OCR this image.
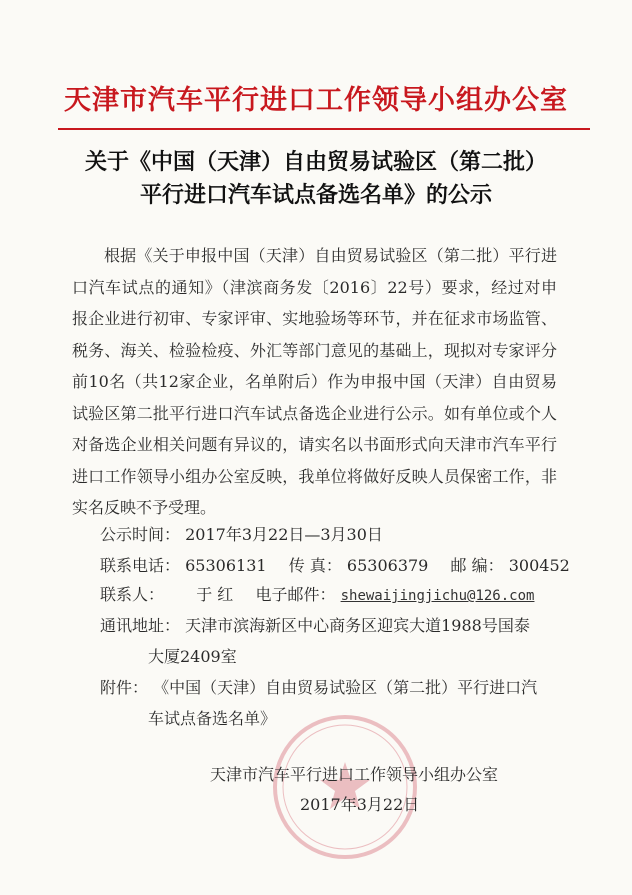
天津市汽车平行进口工作领导小组办公室
关于《中国（天津）自由贸易试验区（第二批）
平行进口汽车试点备选名单》的公示
根据《关于申报中国（天津）自由贸易试验区（第二批）平行进口汽车试点的通知》（津滨商务发〔2016〕22号）要求，经过对申报企业进行初审、专家评审、实地验场等环节，并在征求市场监管、税务、海关、检验检疫、外汇等部门意见的基础上，现拟对专家评分前10名（共12家企业，名单附后）作为申报中国（天津）自由贸易试验区第二批平行进口汽车试点备选企业进行公示。如有单位或个人对备选企业相关问题有异议的，请实名以书面形式向天津市汽车平行进口工作领导小组办公室反映，我单位将做好反映人员保密工作，非实名反映不予受理。
公示时间： 2017年3月22日—3月30日
联系电话： 65306131 传 真： 65306379 邮 编： 300452
联系人： 于 红 电子邮件： shewaijingjichu@126.com
通讯地址： 天津市滨海新区中心商务区迎宾大道1988号国泰
大厦2409室
附件： 《中国（天津）自由贸易试验区（第二批）平行进口汽
车试点备选名单》
天津市汽车平行进口工作领导小组办公室
2017年3月22日
